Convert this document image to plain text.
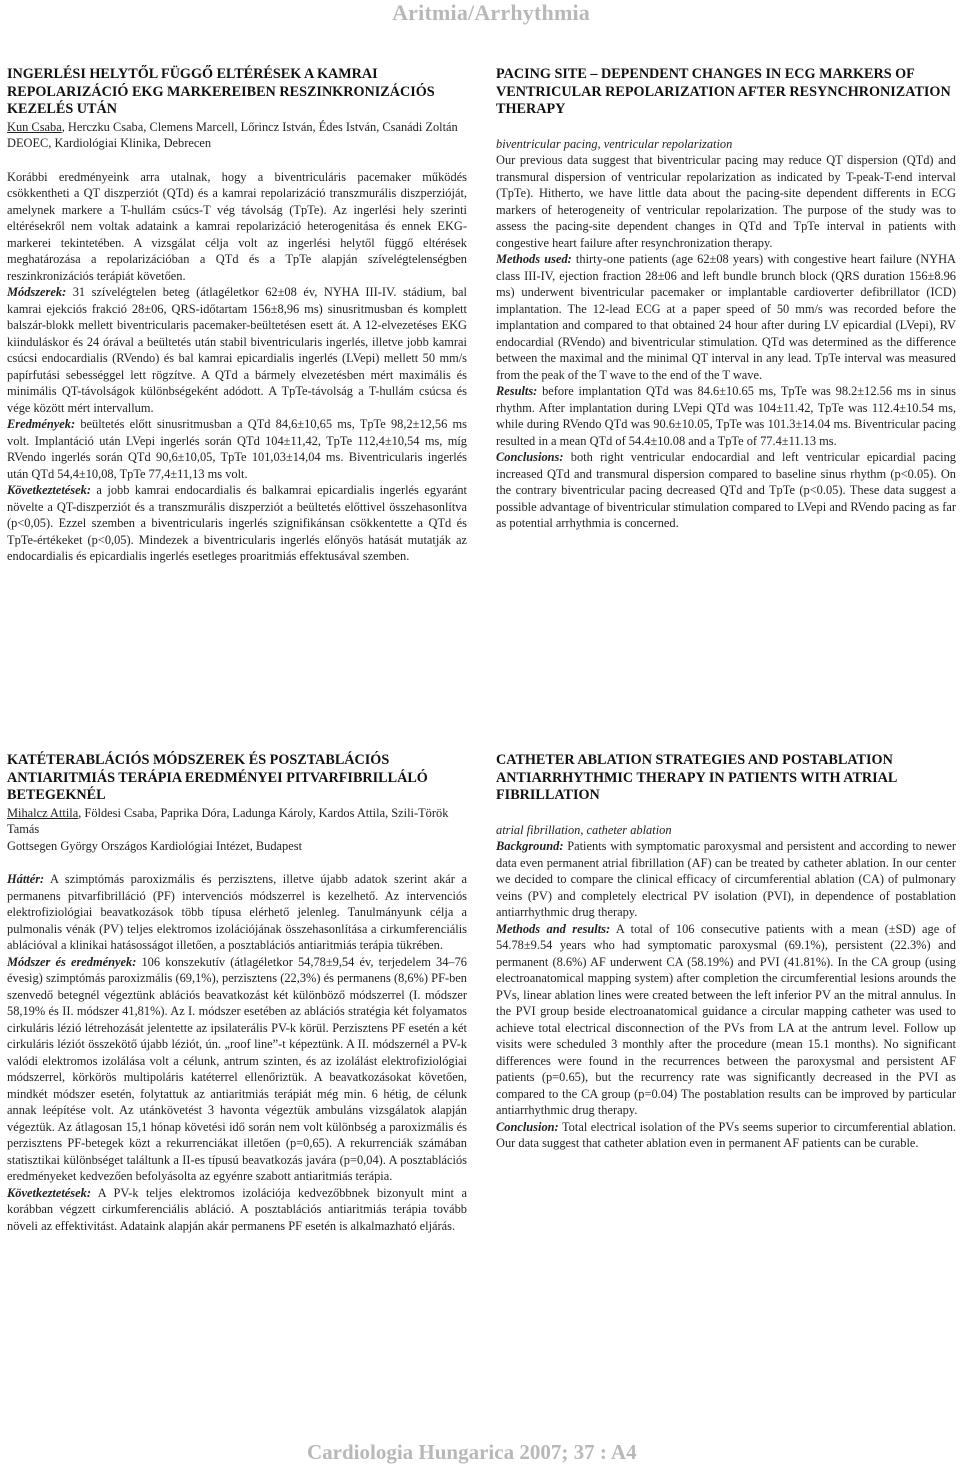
Aritmia/Arrhythmia

INGERLÉSI HELYTŐL FÜGGŐ ELTÉRÉSEK A KAMRAI REPOLARIZÁCIÓ EKG MARKEREIBEN RESZINKRONIZÁCIÓS KEZELÉS UTÁN

Kun Csaba, Herczku Csaba, Clemens Marcell, Lőrincz István, Édes István, Csanádi Zoltán

DEOEC, Kardiológiai Klinika, Debrecen

Korábbi eredményeink arra utalnak, hogy a biventriculáris pacemaker működés csökkentheti a QT diszperziót (QTd) és a kamrai repolarizáció transzmurális diszperzióját, amelynek markere a T-hullám csúcs-T vég távolság (TpTe). Az ingerlési hely szerinti eltérésekről nem voltak adataink a kamrai repolarizáció heterogenitása és ennek EKG-markerei tekintetében. A vizsgálat célja volt az ingerlési helytől függő eltérések meghatározása a repolarizációban a QTd és a TpTe alapján szívelégtelenségben reszinkronizációs terápiát követően.

Módszerek: 31 szívelégtelen beteg (átlagéletkor 62±08 év, NYHA III-IV. stádium, bal kamrai ejekciós frakció 28±06, QRS-időtartam 156±8,96 ms) sinusritmusban és komplett balszár-blokk mellett biventricularis pacemaker-beültetésen esett át. A 12-elvezetéses EKG kiinduláskor és 24 órával a beültetés után stabil biventricularis ingerlés, illetve jobb kamrai csúcsi endocardialis (RVendo) és bal kamrai epicardialis ingerlés (LVepi) mellett 50 mm/s papírfutási sebességgel lett rögzítve. A QTd a bármely elvezetésben mért maximális és minimális QT-távolságok különbségeként adódott. A TpTe-távolság a T-hullám csúcsa és vége között mért intervallum.

Eredmények: beültetés előtt sinusritmusban a QTd 84,6±10,65 ms, TpTe 98,2±12,56 ms volt. Implantáció után LVepi ingerlés során QTd 104±11,42, TpTe 112,4±10,54 ms, míg RVendo ingerlés során QTd 90,6±10,05, TpTe 101,03±14,04 ms. Biventricularis ingerlés után QTd 54,4±10,08, TpTe 77,4±11,13 ms volt.

Következtetések: a jobb kamrai endocardialis és balkamrai epicardialis ingerlés egyaránt növelte a QT-diszperziót és a transzmurális diszperziót a beültetés előttivel összehasonlítva (p<0,05). Ezzel szemben a biventricularis ingerlés szignifikánsan csökkentette a QTd és TpTe-értékeket (p<0,05). Mindezek a biventricularis ingerlés előnyös hatását mutatják az endocardialis és epicardialis ingerlés esetleges proaritmiás effektusával szemben.

PACING SITE – DEPENDENT CHANGES IN ECG MARKERS OF VENTRICULAR REPOLARIZATION AFTER RESYNCHRONIZATION THERAPY

biventricular pacing, ventricular repolarization

Our previous data suggest that biventricular pacing may reduce QT dispersion (QTd) and transmural dispersion of ventricular repolarization as indicated by T-peak-T-end interval (TpTe). Hitherto, we have little data about the pacing-site dependent differents in ECG markers of heterogeneity of ventricular repolarization. The purpose of the study was to assess the pacing-site dependent changes in QTd and TpTe interval in patients with congestive heart failure after resynchronization therapy.

Methods used: thirty-one patients (age 62±08 years) with congestive heart failure (NYHA class III-IV, ejection fraction 28±06 and left bundle brunch block (QRS duration 156±8.96 ms) underwent biventricular pacemaker or implantable cardioverter defibrillator (ICD) implantation. The 12-lead ECG at a paper speed of 50 mm/s was recorded before the implantation and compared to that obtained 24 hour after during LV epicardial (LVepi), RV endocardial (RVendo) and biventricular stimulation. QTd was determined as the difference between the maximal and the minimal QT interval in any lead. TpTe interval was measured from the peak of the T wave to the end of the T wave.

Results: before implantation QTd was 84.6±10.65 ms, TpTe was 98.2±12.56 ms in sinus rhythm. After implantation during LVepi QTd was 104±11.42, TpTe was 112.4±10.54 ms, while during RVendo QTd was 90.6±10.05, TpTe was 101.3±14.04 ms. Biventricular pacing resulted in a mean QTd of 54.4±10.08 and a TpTe of 77.4±11.13 ms.

Conclusions: both right ventricular endocardial and left ventricular epicardial pacing increased QTd and transmural dispersion compared to baseline sinus rhythm (p<0.05). On the contrary biventricular pacing decreased QTd and TpTe (p<0.05). These data suggest a possible advantage of biventricular stimulation compared to LVepi and RVendo pacing as far as potential arrhythmia is concerned.

KATÉTERABLÁCIÓS MÓDSZEREK ÉS POSZTABLÁCIÓS ANTIARITMIÁS TERÁPIA EREDMÉNYEI PITVARFIBRILLÁLÓ BETEGEKNÉL

Mihalcz Attila, Földesi Csaba, Paprika Dóra, Ladunga Károly, Kardos Attila, Szili-Török Tamás

Gottsegen György Országos Kardiológiai Intézet, Budapest

Háttér: A szimptómás paroxizmális és perzisztens, illetve újabb adatok szerint akár a permanens pitvarfibrilláció (PF) intervenciós módszerrel is kezelhető. Az intervenciós elektrofiziológiai beavatkozások több típusa elérhető jelenleg. Tanulmányunk célja a pulmonalis vénák (PV) teljes elektromos izolációjának összehasonlítása a cirkumferenciális ablációval a klinikai hatásosságot illetően, a posztablációs antiaritmiás terápia tükrében.

Módszer és eredmények: 106 konszekutív (átlagéletkor 54,78±9,54 év, terjedelem 34–76 évesig) szimptómás paroxizmális (69,1%), perzisztens (22,3%) és permanens (8,6%) PF-ben szenvedő betegnél végeztünk ablációs beavatkozást két különböző módszerrel (I. módszer 58,19% és II. módszer 41,81%). Az I. módszer esetében az ablációs stratégia két folyamatos cirkuláris lézió létrehozását jelentette az ipsilaterális PV-k körül. Perzisztens PF esetén a két cirkuláris léziót összekötő újabb léziót, ún. „roof line”-t képeztünk. A II. módszernél a PV-k valódi elektromos izolálása volt a célunk, antrum szinten, és az izolálást elektrofiziológiai módszerrel, körkörös multipoláris katéterrel ellenőriztük. A beavatkozásokat követően, mindkét módszer esetén, folytattuk az antiaritmiás terápiát még min. 6 hétig, de célunk annak leépítése volt. Az utánkövetést 3 havonta végeztük ambuláns vizsgálatok alapján végeztük. Az átlagosan 15,1 hónap követési idő során nem volt különbség a paroxizmális és perzisztens PF-betegek közt a rekurrenciákat illetően (p=0,65). A rekurrenciák számában statisztikai különbséget találtunk a II-es típusú beavatkozás javára (p=0,04). A posztablációs eredményeket kedvezően befolyásolta az egyénre szabott antiaritmiás terápia.

Következtetések: A PV-k teljes elektromos izolációja kedvezőbbnek bizonyult mint a korábban végzett cirkumferenciális abláció. A posztablációs antiaritmiás terápia tovább növeli az effektivitást. Adataink alapján akár permanens PF esetén is alkalmazható eljárás.

CATHETER ABLATION STRATEGIES AND POSTABLATION ANTIARRHYTHMIC THERAPY IN PATIENTS WITH ATRIAL FIBRILLATION

atrial fibrillation, catheter ablation

Background: Patients with symptomatic paroxysmal and persistent and according to newer data even permanent atrial fibrillation (AF) can be treated by catheter ablation. In our center we decided to compare the clinical efficacy of circumferential ablation (CA) of pulmonary veins (PV) and completely electrical PV isolation (PVI), in dependence of postablation antiarrhythmic drug therapy.

Methods and results: A total of 106 consecutive patients with a mean (±SD) age of 54.78±9.54 years who had symptomatic paroxysmal (69.1%), persistent (22.3%) and permanent (8.6%) AF underwent CA (58.19%) and PVI (41.81%). In the CA group (using electroanatomical mapping system) after completion the circumferential lesions arounds the PVs, linear ablation lines were created between the left inferior PV an the mitral annulus. In the PVI group beside electroanatomical guidance a circular mapping catheter was used to achieve total electrical disconnection of the PVs from LA at the antrum level. Follow up visits were scheduled 3 monthly after the procedure (mean 15.1 months). No significant differences were found in the recurrences between the paroxysmal and persistent AF patients (p=0.65), but the recurrency rate was significantly decreased in the PVI as compared to the CA group (p=0.04) The postablation results can be improved by particular antiarrhythmic drug therapy.

Conclusion: Total electrical isolation of the PVs seems superior to circumferential ablation. Our data suggest that catheter ablation even in permanent AF patients can be curable.

Cardiologia Hungarica 2007; 37 : A4
